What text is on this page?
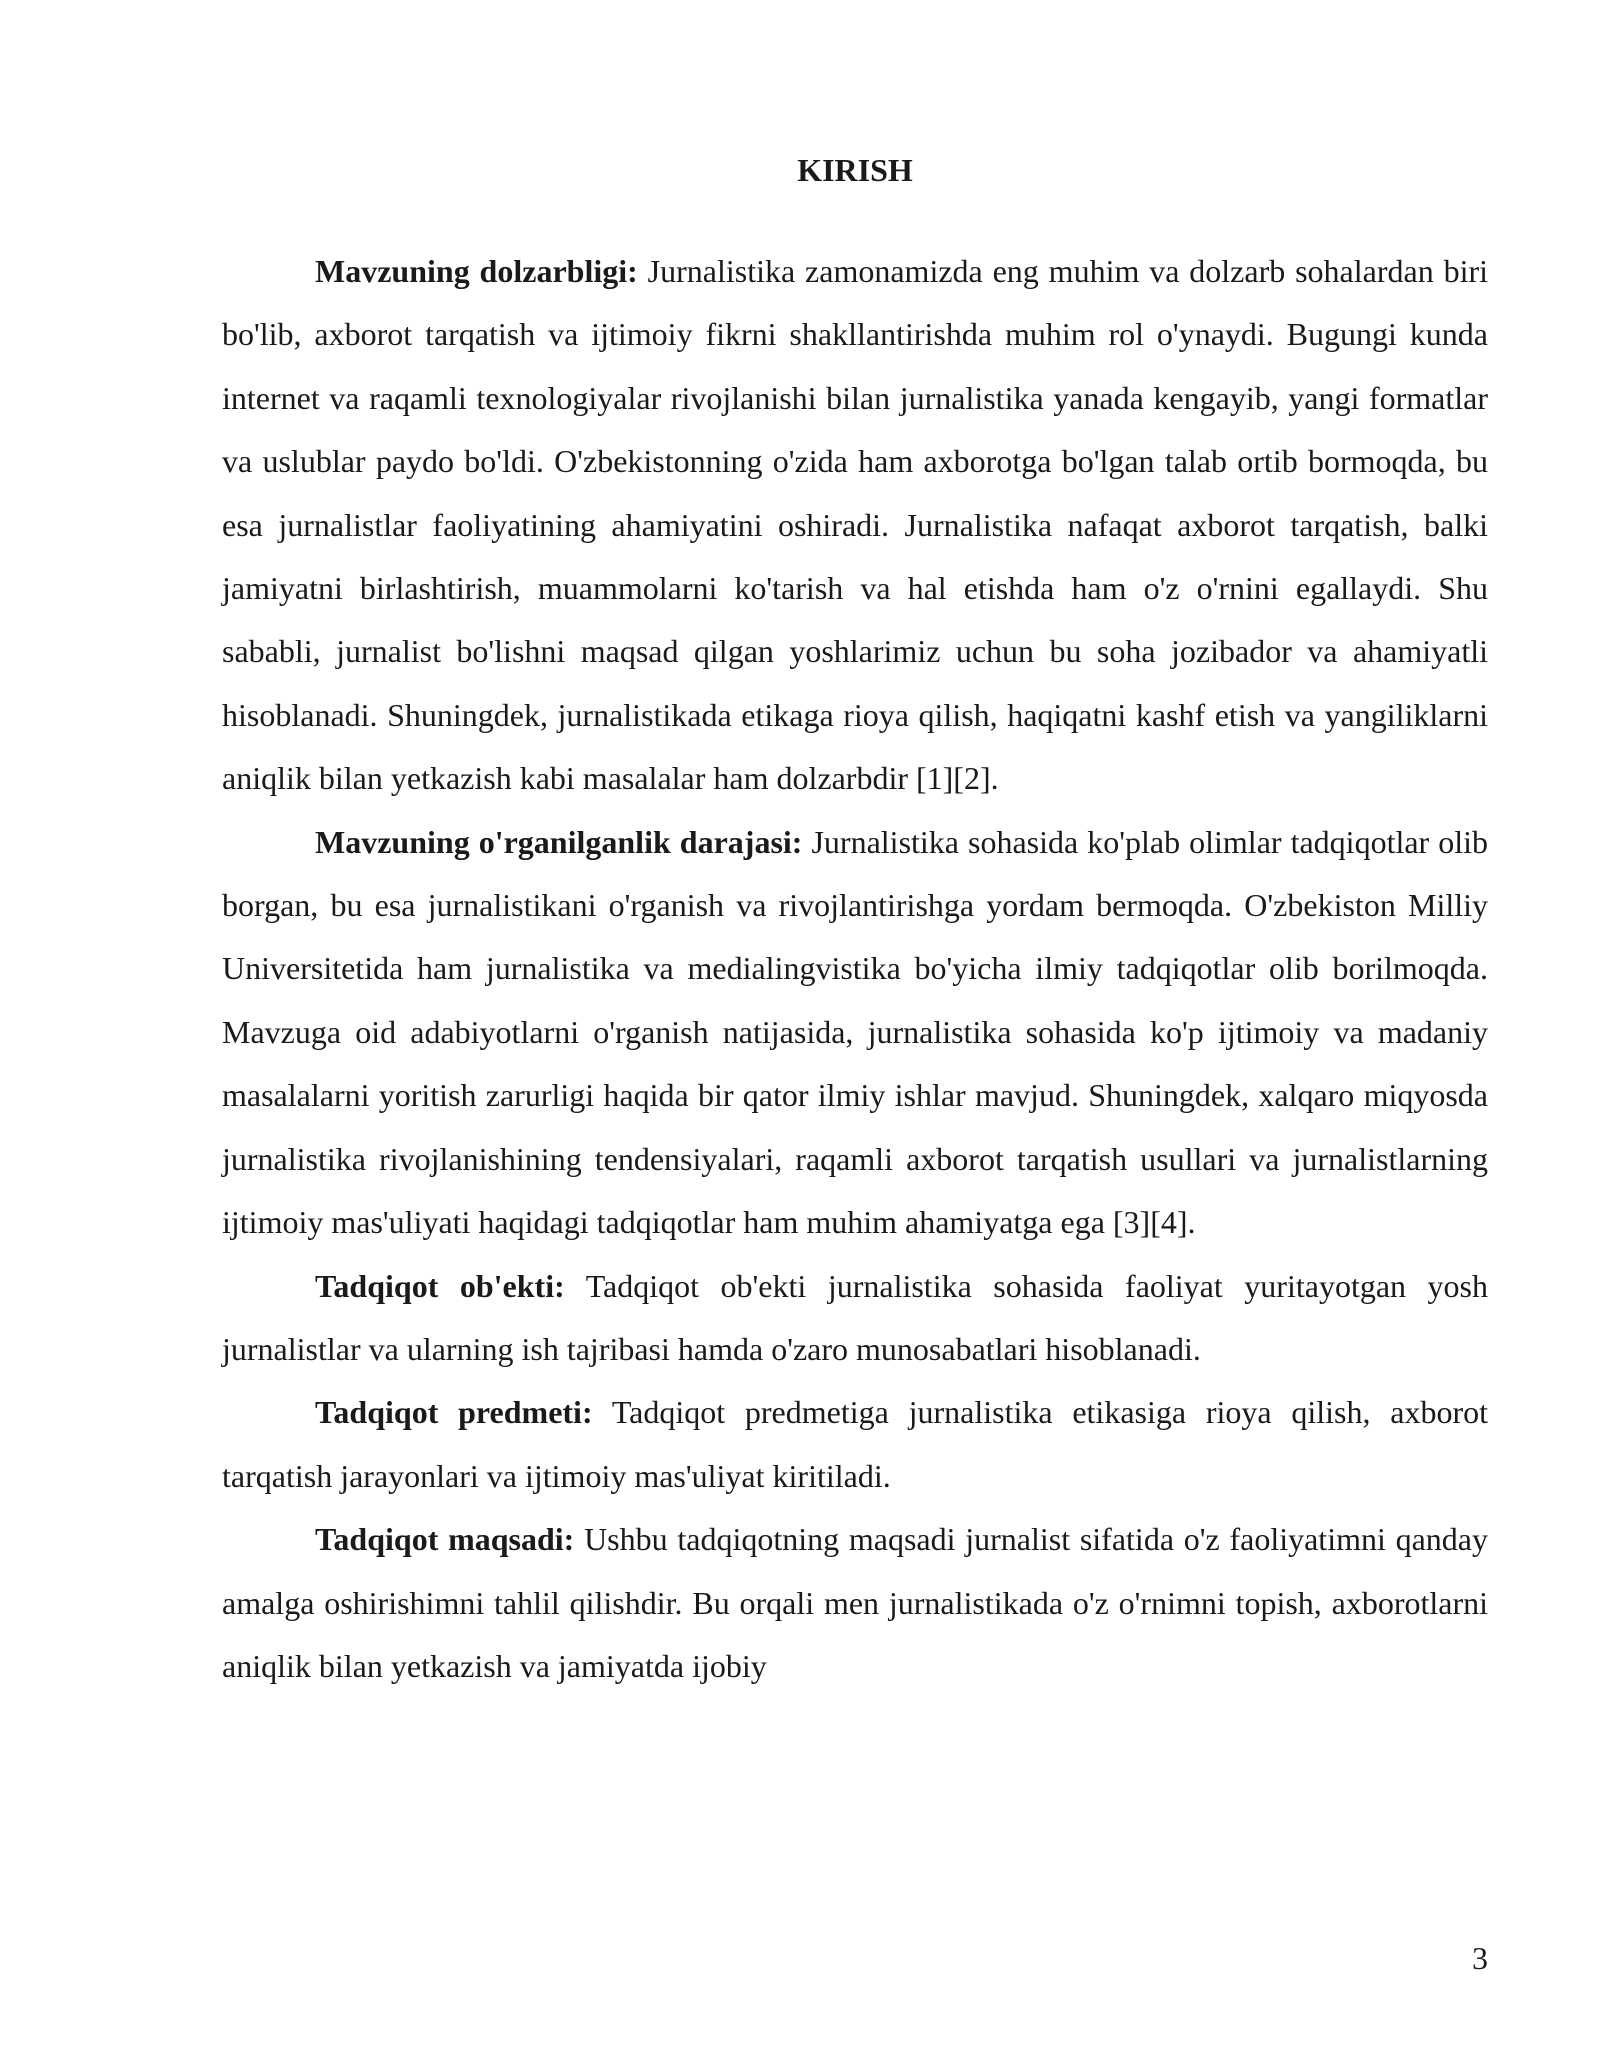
KIRISH

Mavzuning dolzarbligi: Jurnalistika zamonamizda eng muhim va dolzarb sohalardan biri bo'lib, axborot tarqatish va ijtimoiy fikrni shakllantirishda muhim rol o'ynaydi. Bugungi kunda internet va raqamli texnologiyalar rivojlanishi bilan jurnalistika yanada kengayib, yangi formatlar va uslublar paydo bo'ldi. O'zbekistonning o'zida ham axborotga bo'lgan talab ortib bormoqda, bu esa jurnalistlar faoliyatining ahamiyatini oshiradi. Jurnalistika nafaqat axborot tarqatish, balki jamiyatni birlashtirish, muammolarni ko'tarish va hal etishda ham o'z o'rnini egallaydi. Shu sababli, jurnalist bo'lishni maqsad qilgan yoshlarimiz uchun bu soha jozibador va ahamiyatli hisoblanadi. Shuningdek, jurnalistikada etikaga rioya qilish, haqiqatni kashf etish va yangiliklarni aniqlik bilan yetkazish kabi masalalar ham dolzarbdir [1][2].

Mavzuning o'rganilganlik darajasi: Jurnalistika sohasida ko'plab olimlar tadqiqotlar olib borgan, bu esa jurnalistikani o'rganish va rivojlantirishga yordam bermoqda. O'zbekiston Milliy Universitetida ham jurnalistika va medialingvistika bo'yicha ilmiy tadqiqotlar olib borilmoqda. Mavzuga oid adabiyotlarni o'rganish natijasida, jurnalistika sohasida ko'p ijtimoiy va madaniy masalalarni yoritish zarurligi haqida bir qator ilmiy ishlar mavjud. Shuningdek, xalqaro miqyosda jurnalistika rivojlanishining tendensiyalari, raqamli axborot tarqatish usullari va jurnalistlarning ijtimoiy mas'uliyati haqidagi tadqiqotlar ham muhim ahamiyatga ega [3][4].

Tadqiqot ob'ekti: Tadqiqot ob'ekti jurnalistika sohasida faoliyat yuritayotgan yosh jurnalistlar va ularning ish tajribasi hamda o'zaro munosabatlari hisoblanadi.

Tadqiqot predmeti: Tadqiqot predmetiga jurnalistika etikasiga rioya qilish, axborot tarqatish jarayonlari va ijtimoiy mas'uliyat kiritiladi.

Tadqiqot maqsadi: Ushbu tadqiqotning maqsadi jurnalist sifatida o'z faoliyatimni qanday amalga oshirishimni tahlil qilishdir. Bu orqali men jurnalistikada o'z o'rnimni topish, axborotlarni aniqlik bilan yetkazish va jamiyatda ijobiy

3
